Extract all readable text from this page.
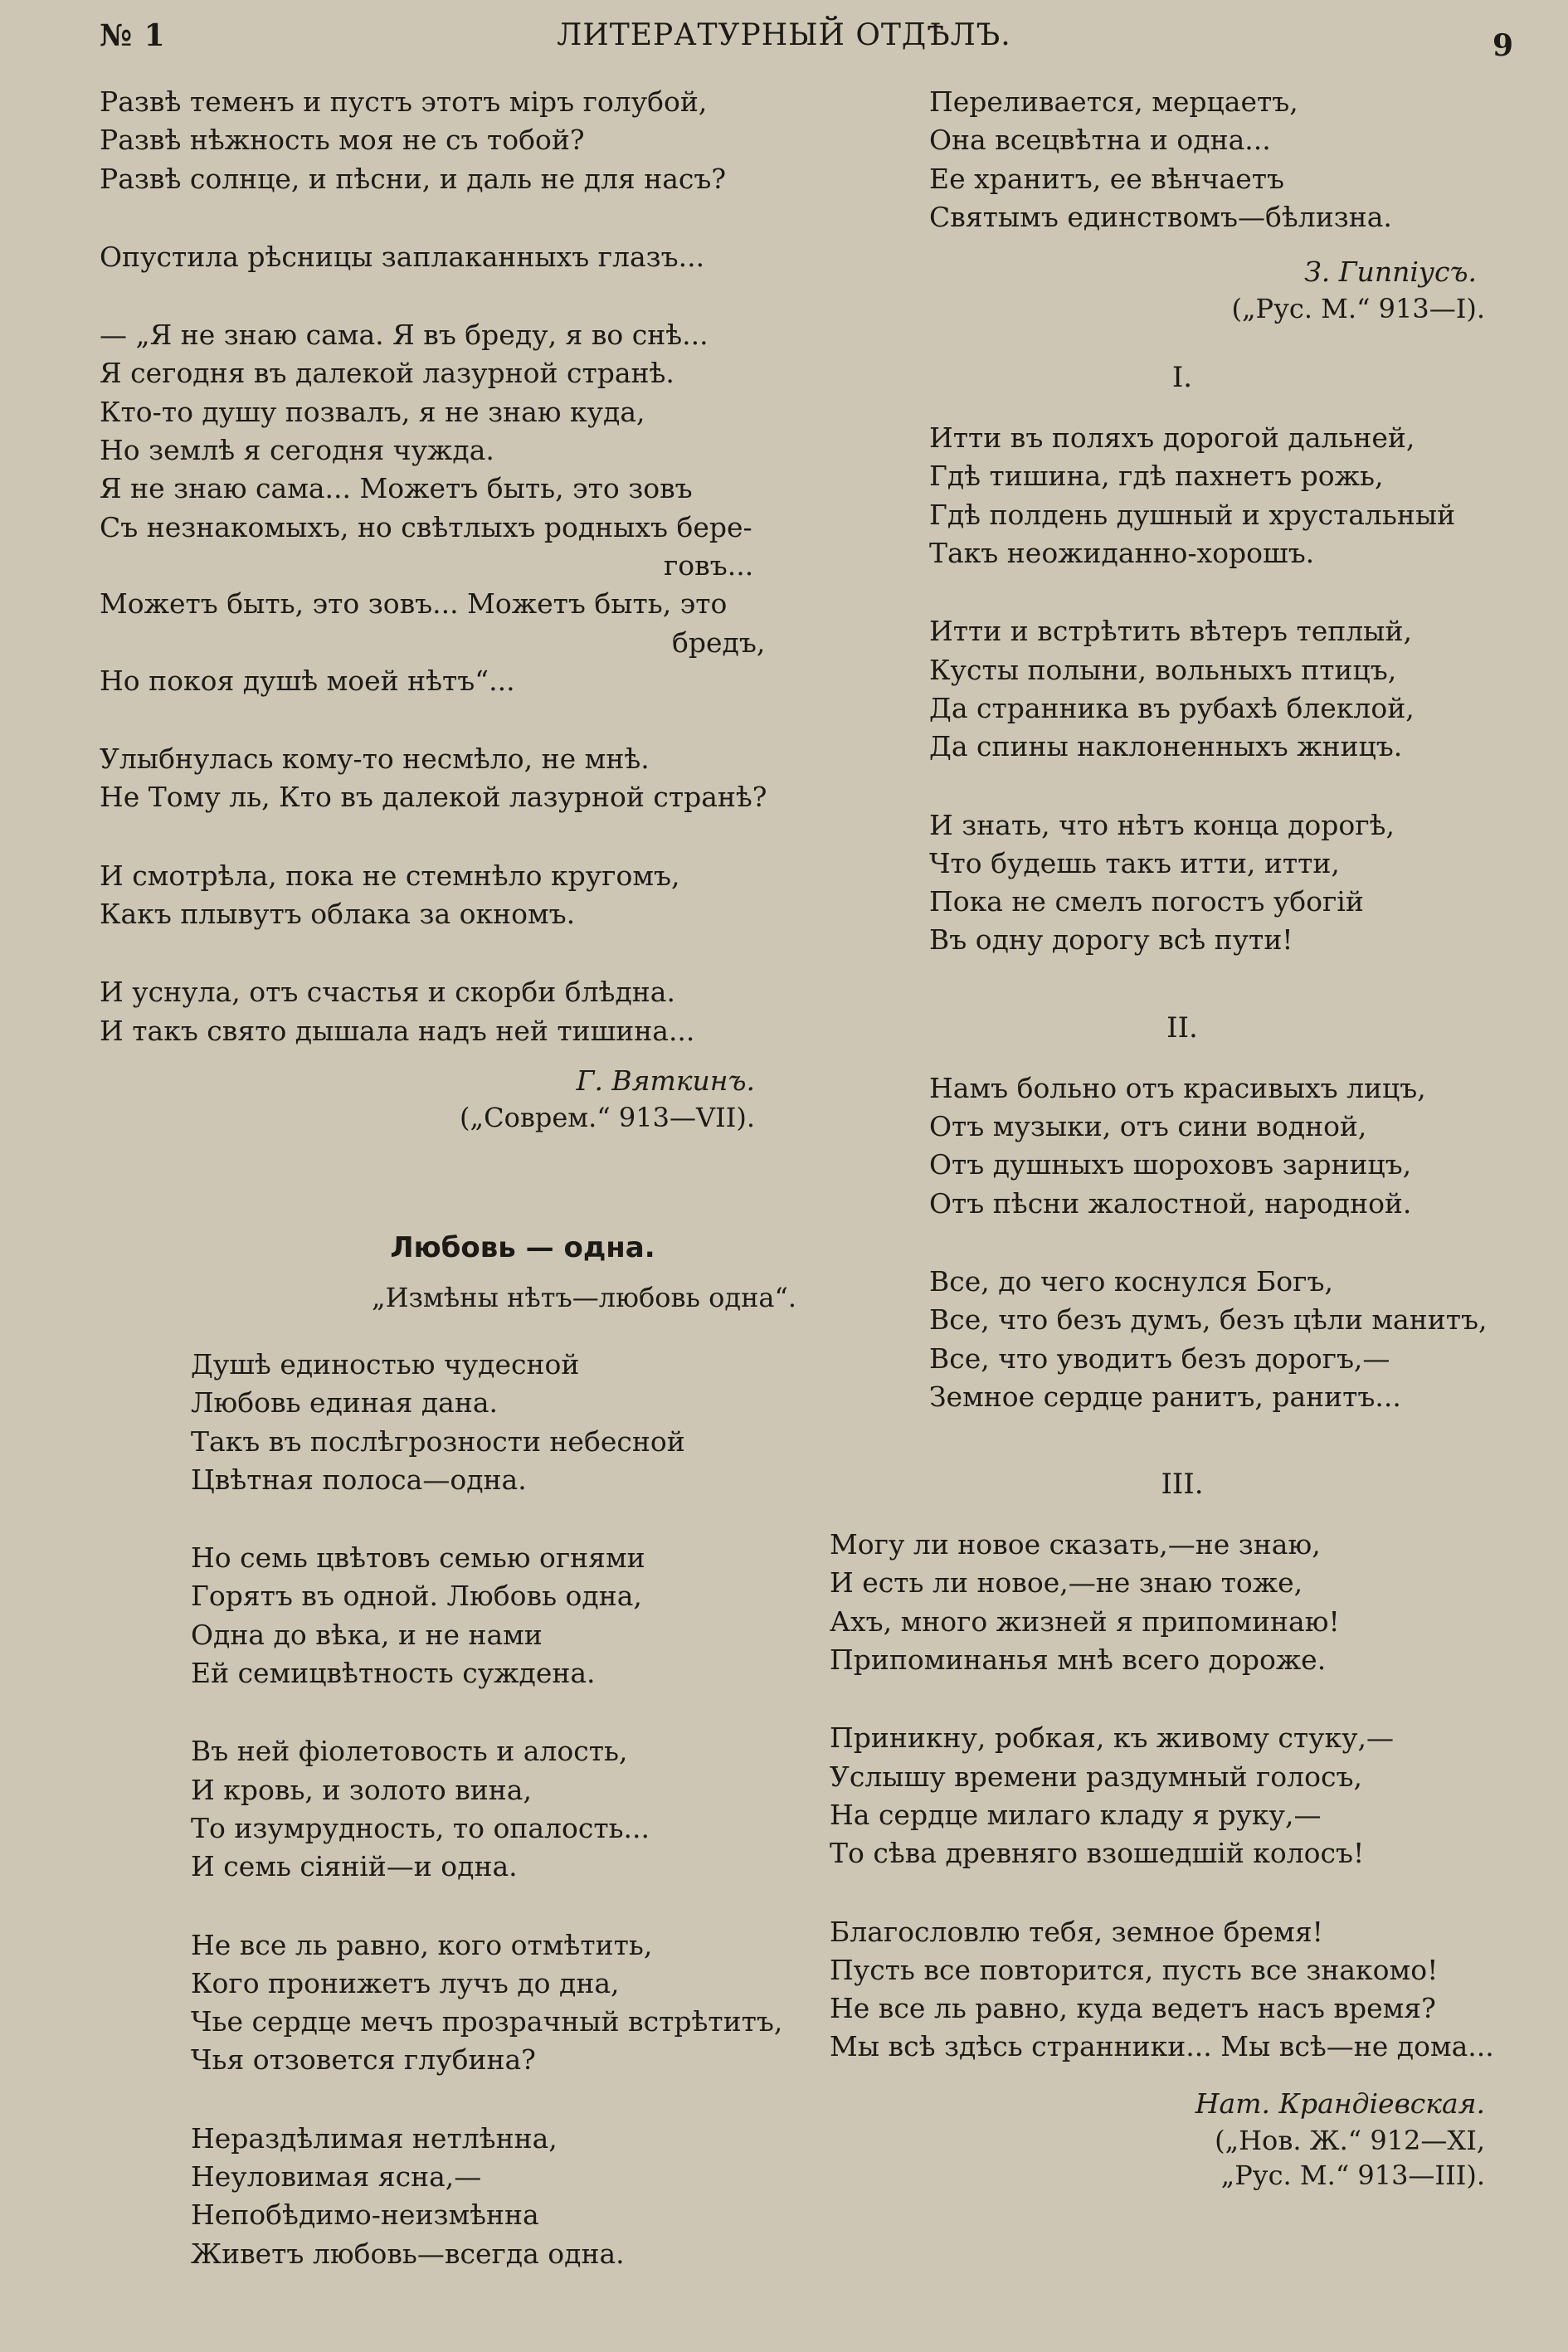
№ 1	ЛИТЕРАТУРНЫЙ ОТДѢЛЪ.	9
Развѣ теменъ и пустъ этотъ міръ голубой,
Развѣ нѣжность моя не съ тобой?
Развѣ солнце, и пѣсни, и даль не для насъ?
Опустила рѣсницы заплаканныхъ глазъ...
— „Я не знаю сама. Я въ бреду, я во снѣ...
Я сегодня въ далекой лазурной странѣ.
Кто-то душу позвалъ, я не знаю куда,
Но землѣ я сегодня чужда.
Я не знаю сама... Можетъ быть, это зовъ
Съ незнакомыхъ, но свѣтлыхъ родныхъ бере-
говъ...
Можетъ быть, это зовъ... Можетъ быть, это
бредъ,
Но покоя душѣ моей нѣтъ“...
Улыбнулась кому-то несмѣло, не мнѣ.
Не Тому ль, Кто въ далекой лазурной странѣ?
И смотрѣла, пока не стемнѣло кругомъ,
Какъ плывутъ облака за окномъ.
И уснула, отъ счастья и скорби блѣдна.
И такъ свято дышала надъ ней тишина...
Г. Вяткинъ.
(„Соврем.“ 913—VII).
Любовь — одна.
„Измѣны нѣтъ—любовь одна“.
Душѣ единостью чудесной
Любовь единая дана.
Такъ въ послѣгрозности небесной
Цвѣтная полоса—одна.
Но семь цвѣтовъ семью огнями
Горятъ въ одной. Любовь одна,
Одна до вѣка, и не нами
Ей семицвѣтность суждена.
Въ ней фіолетовость и алость,
И кровь, и золото вина,
То изумрудность, то опалость...
И семь сіяній—и одна.
Не все ль равно, кого отмѣтить,
Кого пронижетъ лучъ до дна,
Чье сердце мечъ прозрачный встрѣтитъ,
Чья отзовется глубина?
Нераздѣлимая нетлѣнна,
Неуловимая ясна,—
Непобѣдимо-неизмѣнна
Живетъ любовь—всегда одна.
Переливается, мерцаетъ,
Она всецвѣтна и одна...
Ее хранитъ, ее вѣнчаетъ
Святымъ единствомъ—бѣлизна.
З. Гиппіусъ.
(„Рус. М.“ 913—I).
I.
Итти въ поляхъ дорогой дальней,
Гдѣ тишина, гдѣ пахнетъ рожь,
Гдѣ полдень душный и хрустальный
Такъ неожиданно-хорошъ.
Итти и встрѣтить вѣтеръ теплый,
Кусты полыни, вольныхъ птицъ,
Да странника въ рубахѣ блеклой,
Да спины наклоненныхъ жницъ.
И знать, что нѣтъ конца дорогѣ,
Что будешь такъ итти, итти,
Пока не смелъ погостъ убогій
Въ одну дорогу всѣ пути!
II.
Намъ больно отъ красивыхъ лицъ,
Отъ музыки, отъ сини водной,
Отъ душныхъ шороховъ зарницъ,
Отъ пѣсни жалостной, народной.
Все, до чего коснулся Богъ,
Все, что безъ думъ, безъ цѣли манитъ,
Все, что уводитъ безъ дорогъ,—
Земное сердце ранитъ, ранитъ...
III.
Могу ли новое сказать,—не знаю,
И есть ли новое,—не знаю тоже,
Ахъ, много жизней я припоминаю!
Припоминанья мнѣ всего дороже.
Приникну, робкая, къ живому стуку,—
Услышу времени раздумный голосъ,
На сердце милаго кладу я руку,—
То сѣва древняго взошедшій колосъ!
Благословлю тебя, земное бремя!
Пусть все повторится, пусть все знакомо!
Не все ль равно, куда ведетъ насъ время?
Мы всѣ здѣсь странники... Мы всѣ—не дома...
Нат. Крандіевская.
(„Нов. Ж.“ 912—XI,
„Рус. М.“ 913—III).
